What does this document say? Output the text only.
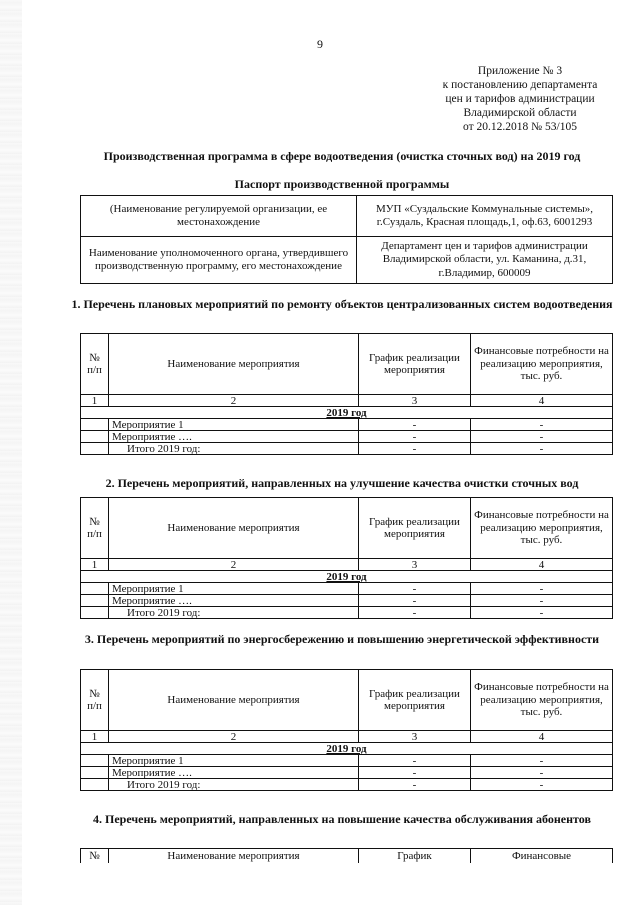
9
Приложение № 3
к постановлению департамента
цен и тарифов администрации
Владимирской области
от 20.12.2018 № 53/105
Производственная программа в сфере водоотведения (очистка сточных вод) на 2019 год
Паспорт производственной программы
(Наименование регулируемой организации, ее местонахождение	МУП «Суздальские Коммунальные системы», г.Суздаль, Красная площадь,1, оф.63, 6001293
Наименование уполномоченного органа, утвердившего производственную программу, его местонахождение	Департамент цен и тарифов администрации Владимирской области, ул. Каманина, д.31, г.Владимир, 600009
1. Перечень плановых мероприятий по ремонту объектов централизованных систем водоотведения
№ п/п	Наименование мероприятия	График реализации мероприятия	Финансовые потребности на реализацию мероприятия, тыс. руб.
1	2	3	4
2019 год			
	Мероприятие 1	-	-
	Мероприятие ….	-	-
	Итого 2019 год:	-	-
2. Перечень мероприятий, направленных на улучшение качества очистки сточных вод
№ п/п	Наименование мероприятия	График реализации мероприятия	Финансовые потребности на реализацию мероприятия, тыс. руб.
1	2	3	4
2019 год			
	Мероприятие 1	-	-
	Мероприятие ….	-	-
	Итого 2019 год:	-	-
3. Перечень мероприятий по энергосбережению и повышению энергетической эффективности
№ п/п	Наименование мероприятия	График реализации мероприятия	Финансовые потребности на реализацию мероприятия, тыс. руб.
1	2	3	4
2019 год			
	Мероприятие 1	-	-
	Мероприятие ….	-	-
	Итого 2019 год:	-	-
4. Перечень мероприятий, направленных на повышение качества обслуживания абонентов
№	Наименование мероприятия	График	Финансовые
